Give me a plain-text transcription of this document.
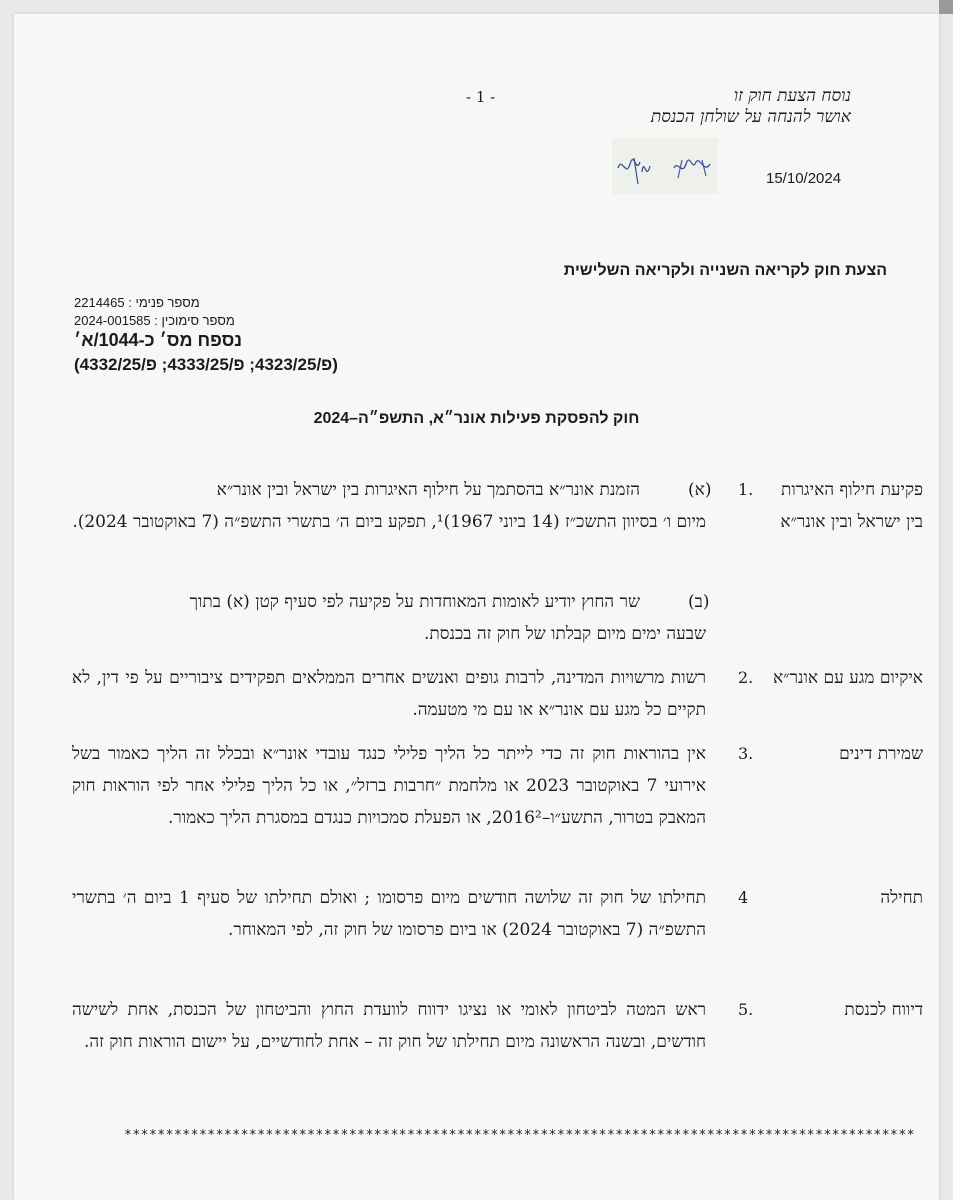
- 1 -	נוסח הצעת חוק זו
אושר להנחה על שולחן הכנסת
15/10/2024
הצעת חוק לקריאה השנייה ולקריאה השלישית
מספר פנימי : 2214465
מספר סימוכין : 2024-001585
נספח מס׳ כ-1044/א׳
(פ/4323/25; פ/4333/25; פ/4332/25)
חוק להפסקת פעילות אונר״א, התשפ״ה–2024
פקיעת חילוף האיגרות בין ישראל ובין אונר״א
1.
(א)
הזמנת אונר״א בהסתמך על חילוף האיגרות בין ישראל ובין אונר״א
מיום ו׳ בסיוון התשכ״ז (14 ביוני 1967)¹, תפקע ביום ה׳ בתשרי התשפ״ה (7 באוקטובר 2024).
(ב)
שר החוץ יודיע לאומות המאוחדות על פקיעה לפי סעיף קטן (א) בתוך
שבעה ימים מיום קבלתו של חוק זה בכנסת.
איקיום מגע עם אונר״א
2.
רשות מרשויות המדינה, לרבות גופים ואנשים אחרים הממלאים תפקידים ציבוריים על פי דין, לא תקיים כל מגע עם אונר״א או עם מי מטעמה.
שמירת דינים
3.
אין בהוראות חוק זה כדי לייתר כל הליך פלילי כנגד עובדי אונר״א ובכלל זה הליך כאמור בשל אירועי 7 באוקטובר 2023 או מלחמת ״חרבות ברזל״, או כל הליך פלילי אחר לפי הוראות חוק המאבק בטרור, התשע״ו–2016², או הפעלת סמכויות כנגדם במסגרת הליך כאמור.
תחילה
4
תחילתו של חוק זה שלושה חודשים מיום פרסומו ; ואולם תחילתו של סעיף 1 ביום ה׳ בתשרי התשפ״ה (7 באוקטובר 2024) או ביום פרסומו של חוק זה, לפי המאוחר.
דיווח לכנסת
5.
ראש המטה לביטחון לאומי או נציגו ידווח לוועדת החוץ והביטחון של הכנסת, אחת לשישה חודשים, ובשנה הראשונה מיום תחילתו של חוק זה – אחת לחודשיים, על יישום הוראות חוק זה.
***********************************************************************************************
